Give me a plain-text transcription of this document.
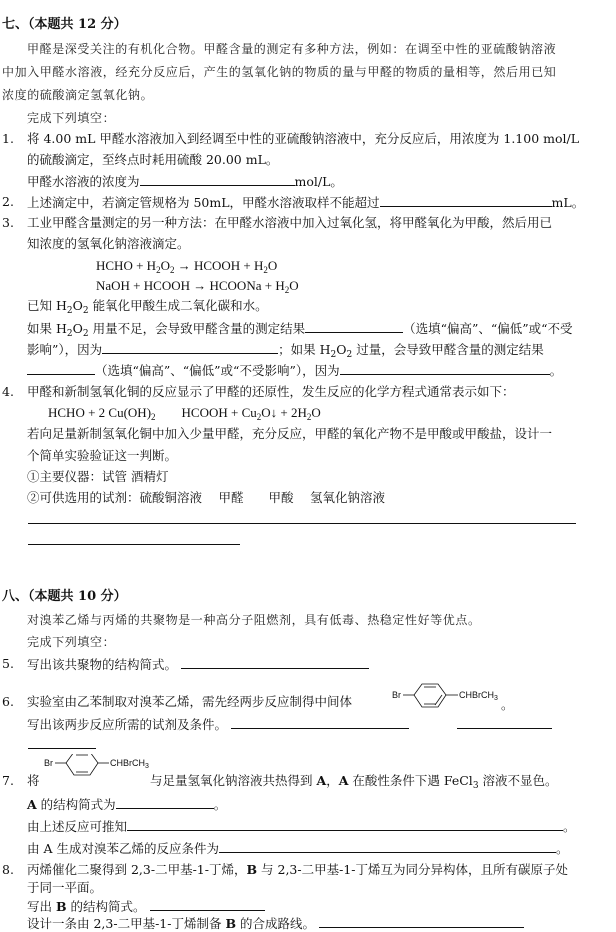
七、（本题共 12 分）
甲醛是深受关注的有机化合物。甲醛含量的测定有多种方法，例如：在调至中性的亚硫酸钠溶液
中加入甲醛水溶液，经充分反应后，产生的氢氧化钠的物质的量与甲醛的物质的量相等，然后用已知
浓度的硫酸滴定氢氧化钠。
完成下列填空：
1. 将 4.00 mL 甲醛水溶液加入到经调至中性的亚硫酸钠溶液中，充分反应后，用浓度为 1.100 mol/L
的硫酸滴定，至终点时耗用硫酸 20.00 mL。
甲醛水溶液的浓度为	mol/L。
2. 上述滴定中，若滴定管规格为 50mL，甲醛水溶液取样不能超过	mL。
3. 工业甲醛含量测定的另一种方法：在甲醛水溶液中加入过氧化氢，将甲醛氧化为甲酸，然后用已
知浓度的氢氧化钠溶液滴定。
HCHO + $H_2O_2$ → HCOOH + $H_2O$
NaOH + HCOOH → HCOONa + $H_2O$
已知 $H_2O_2$ 能氧化甲酸生成二氧化碳和水。
如果 $H_2O_2$ 用量不足，会导致甲醛含量的测定结果	（选填“偏高”、“偏低”或“不受
影响”），因为	；如果 $H_2O_2$ 过量，会导致甲醛含量的测定结果
（选填“偏高”、“偏低”或“不受影响”），因为	。
4. 甲醛和新制氢氧化铜的反应显示了甲醛的还原性，发生反应的化学方程式通常表示如下：
HCHO + 2 $Cu(OH)_2$ HCOOH + $Cu_2O↓ + 2H_2O$
若向足量新制氢氧化铜中加入少量甲醛，充分反应，甲醛的氧化产物不是甲酸或甲酸盐，设计一
个简单实验验证这一判断。
①主要仪器：试管 酒精灯
②可供选用的试剂：硫酸铜溶液　 甲醛　　甲酸　 氢氧化钠溶液
八、（本题共 10 分）
对溴苯乙烯与丙烯的共聚物是一种高分子阻燃剂，具有低毒、热稳定性好等优点。
完成下列填空：
5. 写出该共聚物的结构简式。
6. 实验室由乙苯制取对溴苯乙烯，需先经两步反应制得中间体	Br	CHBrCH$_3$ 。
写出该两步反应所需的试剂及条件。
7. 将
Br	CHBrCH$_3$
与足量氢氧化钠溶液共热得到 A，A 在酸性条件下遇 FeCl$_3$ 溶液不显色。
A 的结构简式为	。
由上述反应可推知	。
由 A 生成对溴苯乙烯的反应条件为	。
8. 丙烯催化二聚得到 2,3-二甲基-1-丁烯，B 与 2,3-二甲基-1-丁烯互为同分异构体，且所有碳原子处
于同一平面。
写出 B 的结构简式。
设计一条由 2,3-二甲基-1-丁烯制备 B 的合成路线。
